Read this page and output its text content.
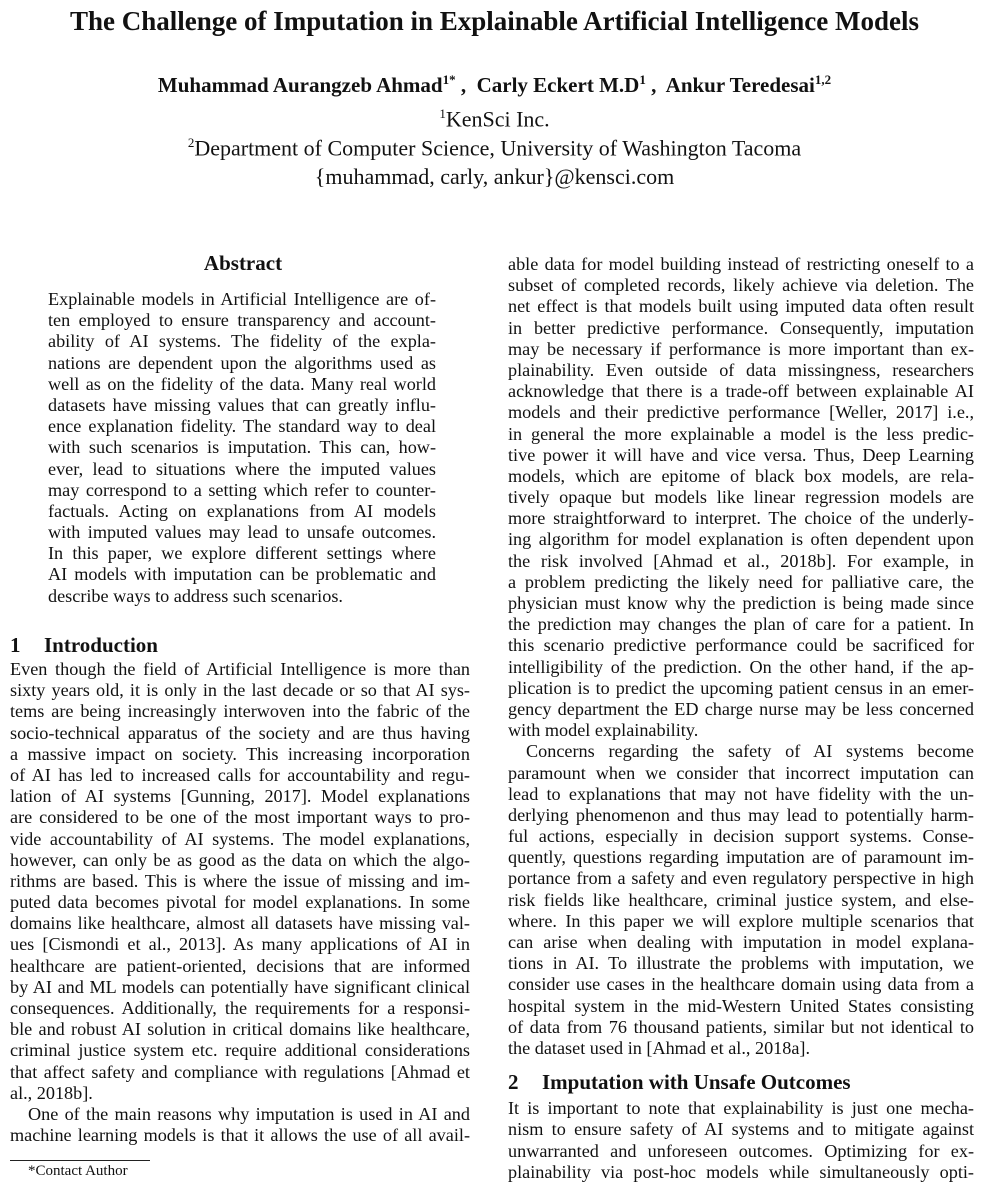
The Challenge of Imputation in Explainable Artificial Intelligence Models
Muhammad Aurangzeb Ahmad$^{1*}$ ,  Carly Eckert $M.D^1$ ,  Ankur Teredesai$^{1,2}$
$^1$KenSci Inc.
$^2$Department of Computer Science, University of Washington Tacoma
{muhammad, carly, ankur}@kensci.com
Abstract
Explainable models in Artificial Intelligence are of-
ten employed to ensure transparency and account-
ability of AI systems. The fidelity of the expla-
nations are dependent upon the algorithms used as
well as on the fidelity of the data. Many real world
datasets have missing values that can greatly influ-
ence explanation fidelity. The standard way to deal
with such scenarios is imputation. This can, how-
ever, lead to situations where the imputed values
may correspond to a setting which refer to counter-
factuals. Acting on explanations from AI models
with imputed values may lead to unsafe outcomes.
In this paper, we explore different settings where
AI models with imputation can be problematic and
describe ways to address such scenarios.
1 Introduction
Even though the field of Artificial Intelligence is more than
sixty years old, it is only in the last decade or so that AI sys-
tems are being increasingly interwoven into the fabric of the
socio-technical apparatus of the society and are thus having
a massive impact on society. This increasing incorporation
of AI has led to increased calls for accountability and regu-
lation of AI systems [Gunning, 2017]. Model explanations
are considered to be one of the most important ways to pro-
vide accountability of AI systems. The model explanations,
however, can only be as good as the data on which the algo-
rithms are based. This is where the issue of missing and im-
puted data becomes pivotal for model explanations. In some
domains like healthcare, almost all datasets have missing val-
ues [Cismondi et al., 2013]. As many applications of AI in
healthcare are patient-oriented, decisions that are informed
by AI and ML models can potentially have significant clinical
consequences. Additionally, the requirements for a responsi-
ble and robust AI solution in critical domains like healthcare,
criminal justice system etc. require additional considerations
that affect safety and compliance with regulations [Ahmad et
al., 2018b].
One of the main reasons why imputation is used in AI and
machine learning models is that it allows the use of all avail-
able data for model building instead of restricting oneself to a
subset of completed records, likely achieve via deletion. The
net effect is that models built using imputed data often result
in better predictive performance. Consequently, imputation
may be necessary if performance is more important than ex-
plainability. Even outside of data missingness, researchers
acknowledge that there is a trade-off between explainable AI
models and their predictive performance [Weller, 2017] i.e.,
in general the more explainable a model is the less predic-
tive power it will have and vice versa. Thus, Deep Learning
models, which are epitome of black box models, are rela-
tively opaque but models like linear regression models are
more straightforward to interpret. The choice of the underly-
ing algorithm for model explanation is often dependent upon
the risk involved [Ahmad et al., 2018b]. For example, in
a problem predicting the likely need for palliative care, the
physician must know why the prediction is being made since
the prediction may changes the plan of care for a patient. In
this scenario predictive performance could be sacrificed for
intelligibility of the prediction. On the other hand, if the ap-
plication is to predict the upcoming patient census in an emer-
gency department the ED charge nurse may be less concerned
with model explainability.
Concerns regarding the safety of AI systems become
paramount when we consider that incorrect imputation can
lead to explanations that may not have fidelity with the un-
derlying phenomenon and thus may lead to potentially harm-
ful actions, especially in decision support systems. Conse-
quently, questions regarding imputation are of paramount im-
portance from a safety and even regulatory perspective in high
risk fields like healthcare, criminal justice system, and else-
where. In this paper we will explore multiple scenarios that
can arise when dealing with imputation in model explana-
tions in AI. To illustrate the problems with imputation, we
consider use cases in the healthcare domain using data from a
hospital system in the mid-Western United States consisting
of data from 76 thousand patients, similar but not identical to
the dataset used in [Ahmad et al., 2018a].
2 Imputation with Unsafe Outcomes
It is important to note that explainability is just one mecha-
nism to ensure safety of AI systems and to mitigate against
unwarranted and unforeseen outcomes. Optimizing for ex-
plainability via post-hoc models while simultaneously opti-
*Contact Author
